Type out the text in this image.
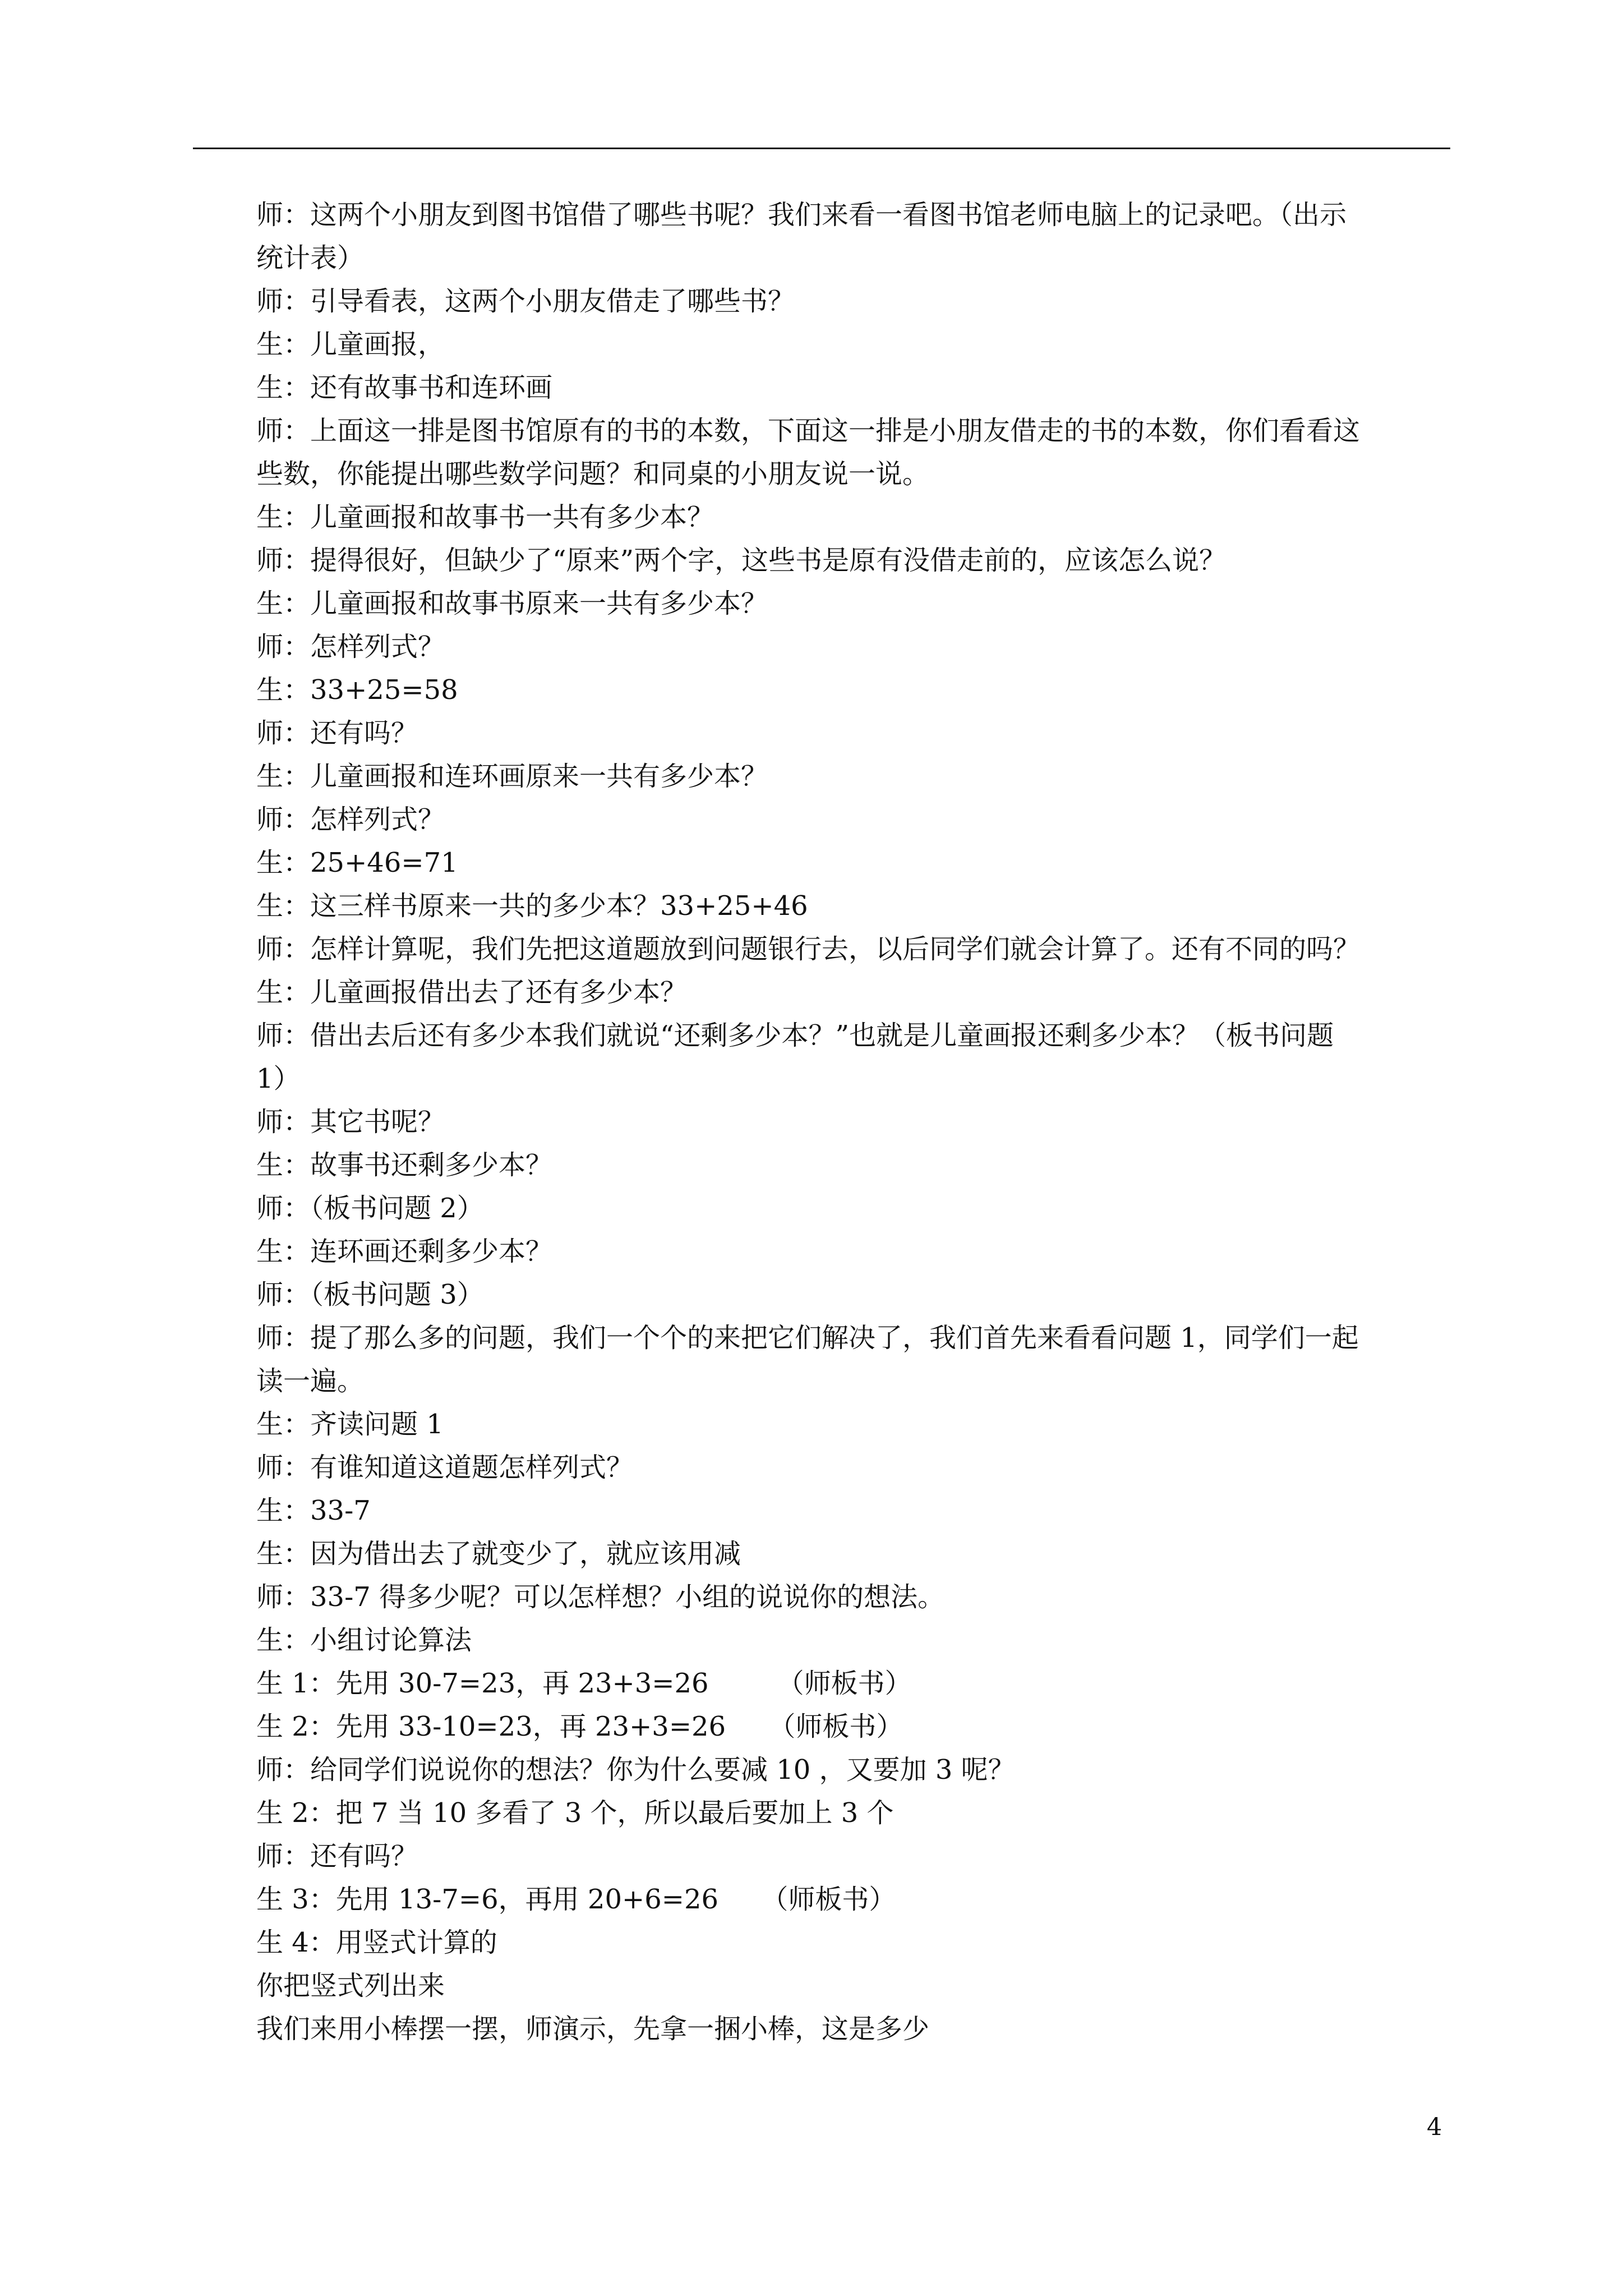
师：这两个小朋友到图书馆借了哪些书呢？我们来看一看图书馆老师电脑上的记录吧。（出示
统计表）
师：引导看表，这两个小朋友借走了哪些书？
生：儿童画报，
生：还有故事书和连环画
师：上面这一排是图书馆原有的书的本数，下面这一排是小朋友借走的书的本数，你们看看这
些数，你能提出哪些数学问题？和同桌的小朋友说一说。
生：儿童画报和故事书一共有多少本？
师：提得很好，但缺少了“原来”两个字，这些书是原有没借走前的，应该怎么说？
生：儿童画报和故事书原来一共有多少本？
师：怎样列式？
生：33+25=58
师：还有吗？
生：儿童画报和连环画原来一共有多少本？
师：怎样列式？
生：25+46=71
生：这三样书原来一共的多少本？33+25+46
师：怎样计算呢，我们先把这道题放到问题银行去，以后同学们就会计算了。还有不同的吗？
生：儿童画报借出去了还有多少本？
师：借出去后还有多少本我们就说“还剩多少本？”也就是儿童画报还剩多少本？（板书问题
1）
师：其它书呢？
生：故事书还剩多少本？
师：（板书问题 2）
生：连环画还剩多少本？
师：（板书问题 3）
师：提了那么多的问题，我们一个个的来把它们解决了，我们首先来看看问题 1，同学们一起
读一遍。
生：齐读问题 1
师：有谁知道这道题怎样列式？
生：33-7
生：因为借出去了就变少了，就应该用减
师：33-7 得多少呢？可以怎样想？小组的说说你的想法。
生：小组讨论算法
生 1：先用 30-7=23，再 23+3=26        （师板书）
生 2：先用 33-10=23，再 23+3=26     （师板书）
师：给同学们说说你的想法？你为什么要减 10 ，又要加 3 呢？
生 2：把 7 当 10 多看了 3 个，所以最后要加上 3 个
师：还有吗？
生 3：先用 13-7=6，再用 20+6=26     （师板书）
生 4：用竖式计算的
你把竖式列出来
我们来用小棒摆一摆，师演示，先拿一捆小棒，这是多少
4
